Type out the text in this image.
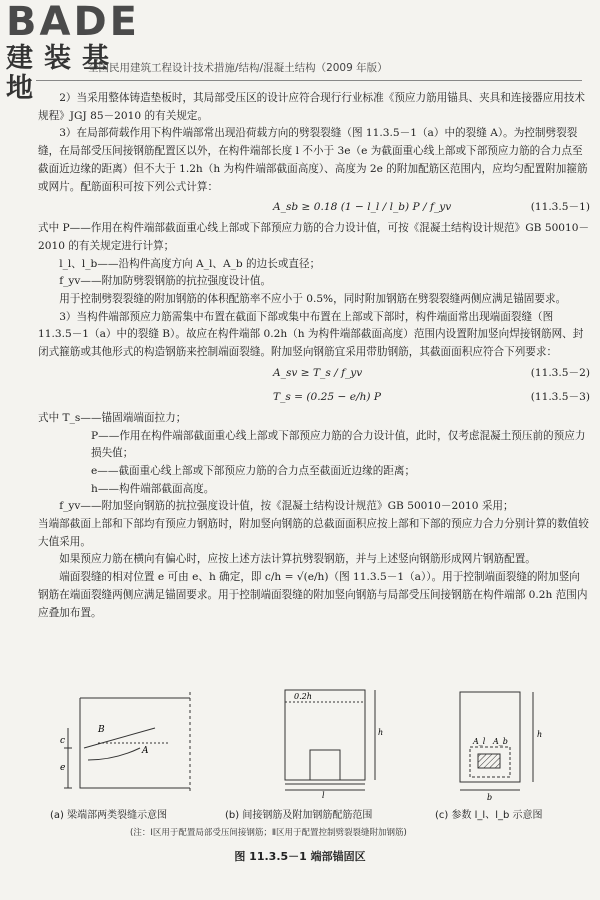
BADE
建装基地
全国民用建筑工程设计技术措施/结构/混凝土结构（2009 年版）

2）当采用整体铸造垫板时，其局部受压区的设计应符合现行行业标准《预应力筋用锚具、夹具和连接器应用技术规程》JGJ 85－2010 的有关规定。

3）在局部荷载作用下构件端部常出现沿荷载方向的劈裂裂缝（图 11.3.5－1（a）中的裂缝 A）。为控制劈裂裂缝，在局部受压间接钢筋配置区以外，在构件端部长度 l 不小于 3e（e 为截面重心线上部或下部预应力筋的合力点至截面近边缘的距离）但不大于 1.2h（h 为构件端部截面高度）、高度为 2e 的附加配筋区范围内，应均匀配置附加箍筋或网片。配筋面积可按下列公式计算：

A_sb ≥ 0.18 (1 − l_l / l_b) P / f_yv	(11.3.5－1)

式中 P——作用在构件端部截面重心线上部或下部预应力筋的合力设计值，可按《混凝土结构设计规范》GB 50010－2010 的有关规定进行计算；

l_l、l_b——沿构件高度方向 A_l、A_b 的边长或直径；

f_yv——附加防劈裂钢筋的抗拉强度设计值。

用于控制劈裂裂缝的附加钢筋的体积配筋率不应小于 0.5%，同时附加钢筋在劈裂裂缝两侧应满足锚固要求。

3）当构件端部预应力筋需集中布置在截面下部或集中布置在上部或下部时，构件端面常出现端面裂缝（图 11.3.5－1（a）中的裂缝 B）。故应在构件端部 0.2h（h 为构件端部截面高度）范围内设置附加竖向焊接钢筋网、封闭式箍筋或其他形式的构造钢筋来控制端面裂缝。附加竖向钢筋宜采用带肋钢筋，其截面面积应符合下列要求：

A_sv ≥ T_s / f_yv	(11.3.5－2)
T_s = (0.25 − e/h) P	(11.3.5－3)

式中 T_s——锚固端端面拉力；

P——作用在构件端部截面重心线上部或下部预应力筋的合力设计值，此时，仅考虑混凝土预压前的预应力损失值；

e——截面重心线上部或下部预应力筋的合力点至截面近边缘的距离；

h——构件端部截面高度。

f_yv——附加竖向钢筋的抗拉强度设计值，按《混凝土结构设计规范》GB 50010－2010 采用；

当端部截面上部和下部均有预应力钢筋时，附加竖向钢筋的总截面面积应按上部和下部的预应力合力分别计算的数值较大值采用。

如果预应力筋在横向有偏心时，应按上述方法计算抗劈裂钢筋，并与上述竖向钢筋形成网片钢筋配置。

端面裂缝的相对位置 e 可由 e、h 确定，即 c/h = √(e/h)（图 11.3.5－1（a））。用于控制端面裂缝的附加竖向钢筋在端面裂缝两侧应满足锚固要求。用于控制端面裂缝的附加竖向钢筋与局部受压间接钢筋在构件端部 0.2h 范围内应叠加布置。

B
A
c
e
0.2h
h
l
A_l A_b
b
h
(a) 梁端部两类裂缝示意图	(b) 间接钢筋及附加钢筋配筋范围	(c) 参数 l_l、l_b 示意图
(注：Ⅰ区用于配置局部受压间接钢筋；Ⅱ区用于配置控制劈裂裂缝附加钢筋)
图 11.3.5－1 端部锚固区
